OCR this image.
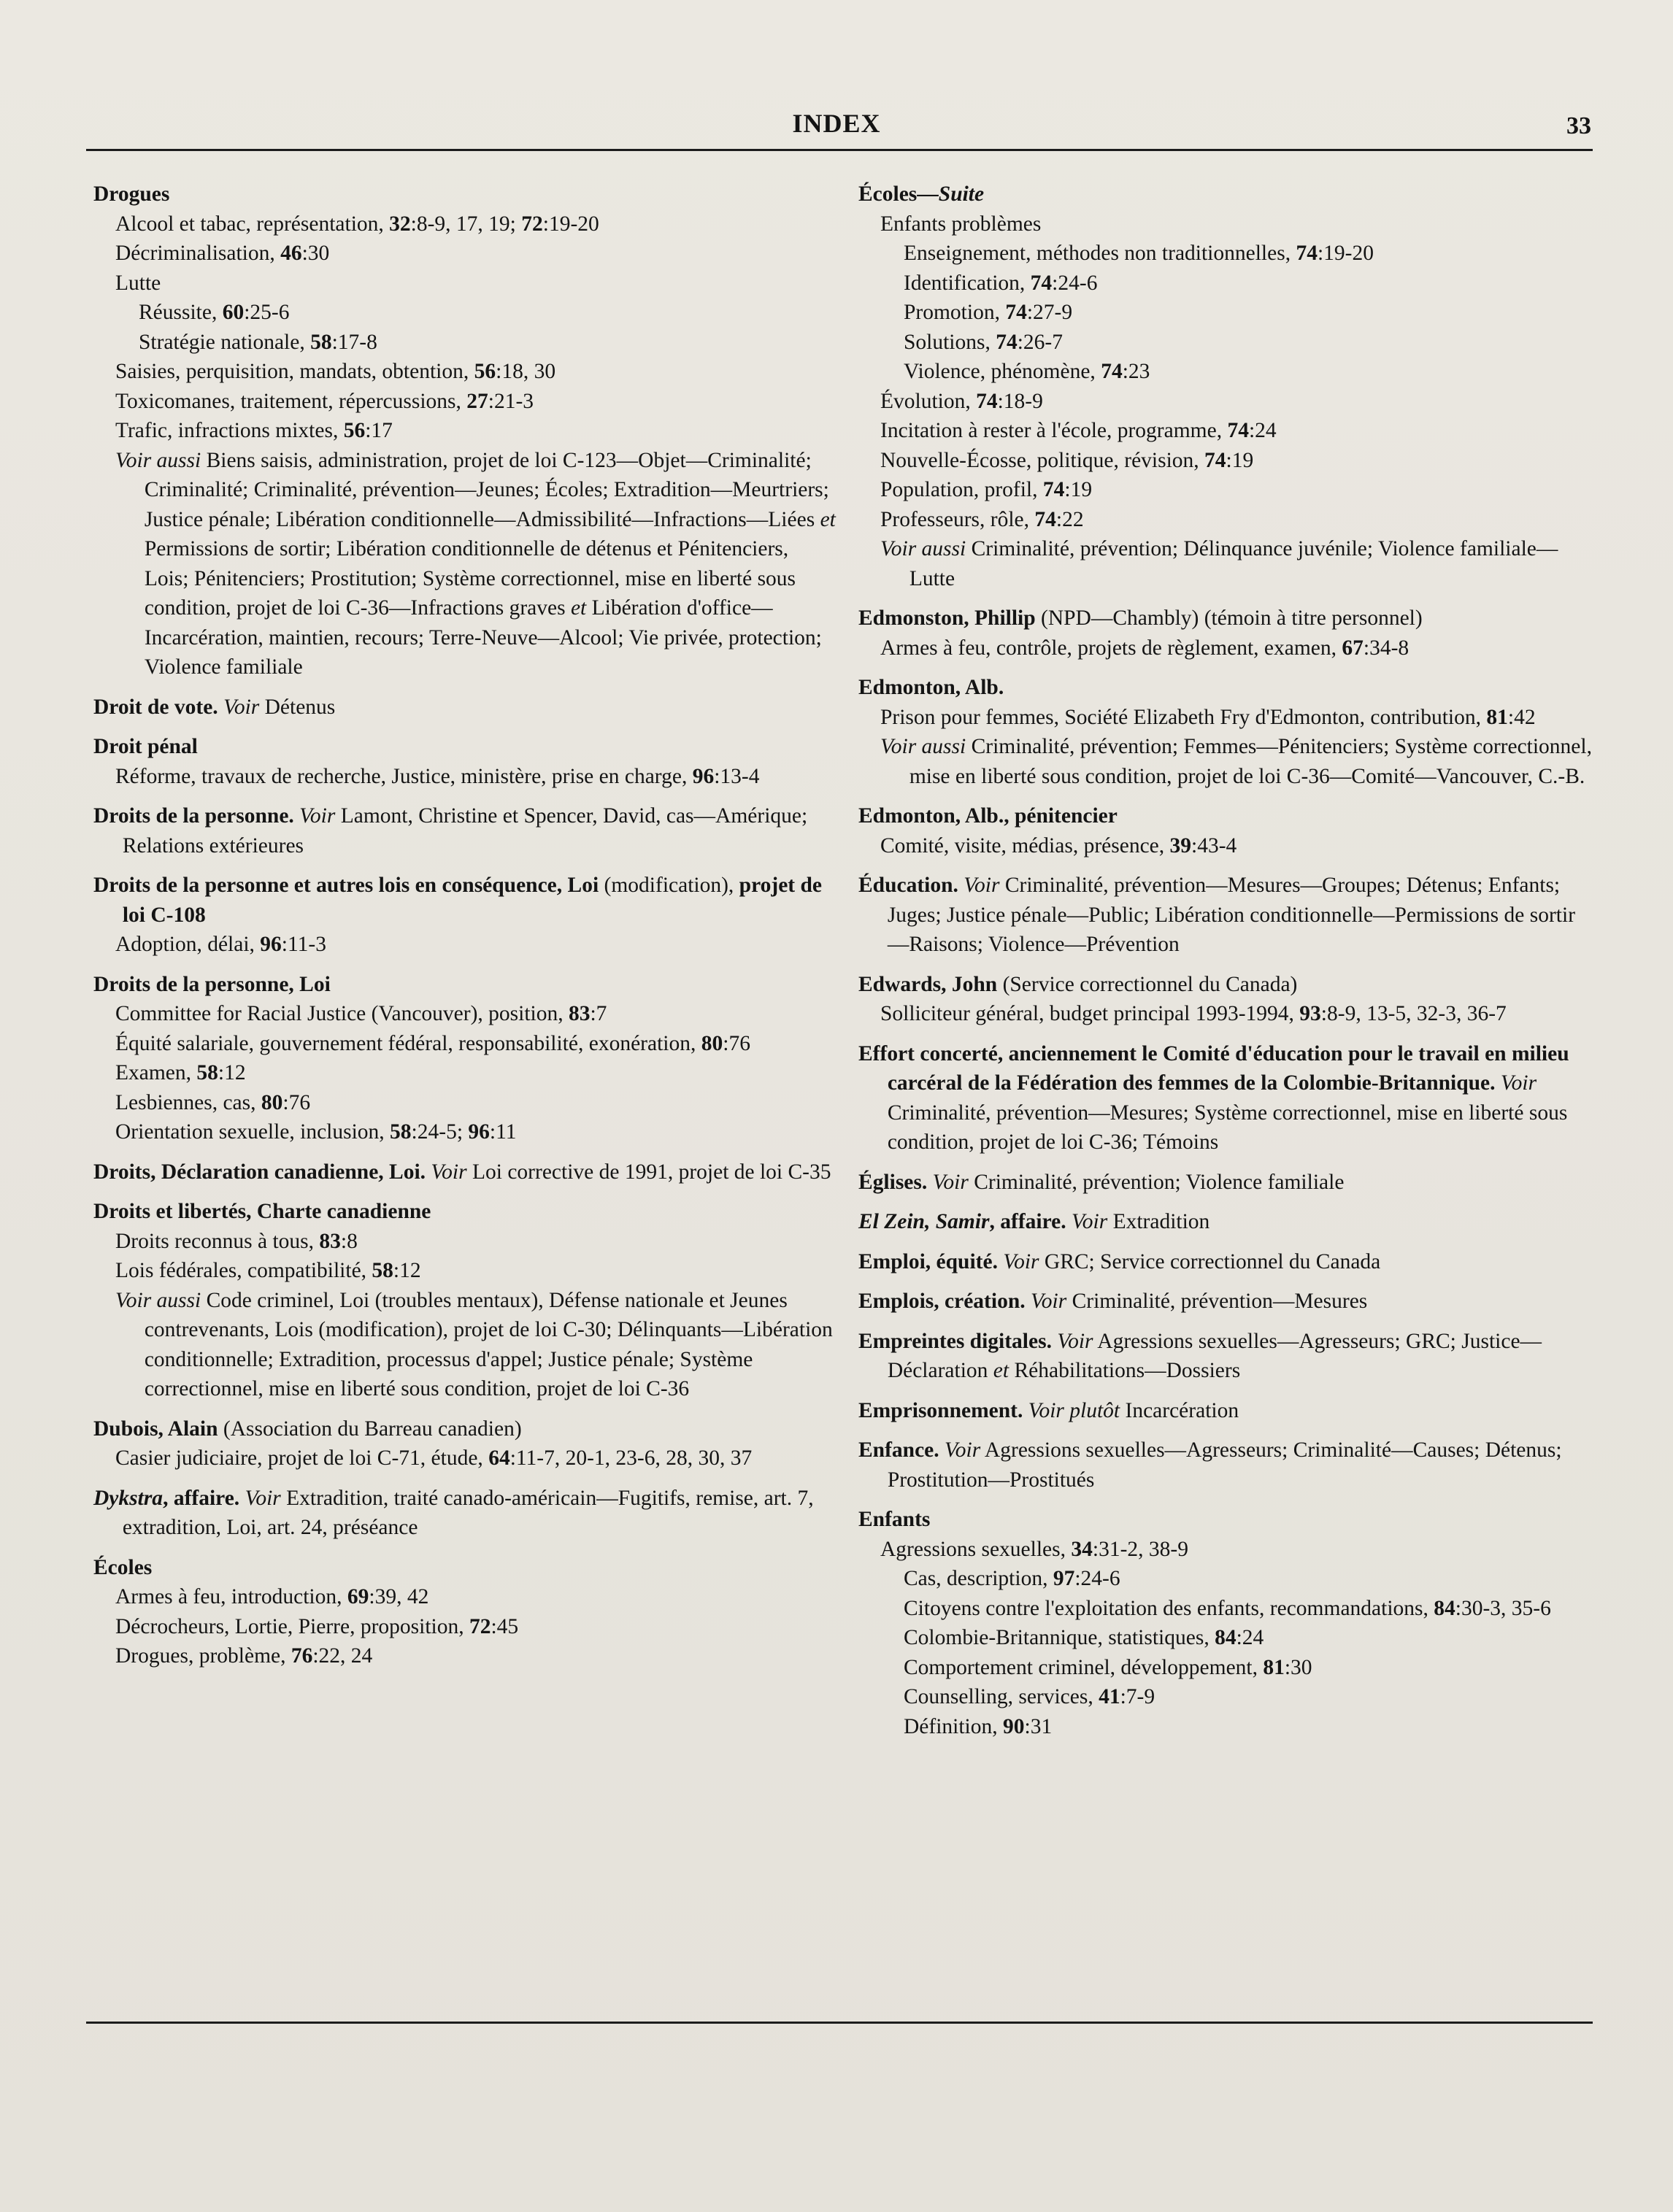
INDEX	33
Drogues
Alcool et tabac, représentation, 32:8-9, 17, 19; 72:19-20
Décriminalisation, 46:30
Lutte
Réussite, 60:25-6
Stratégie nationale, 58:17-8
Saisies, perquisition, mandats, obtention, 56:18, 30
Toxicomanes, traitement, répercussions, 27:21-3
Trafic, infractions mixtes, 56:17
Voir aussi Biens saisis, administration, projet de loi C-123—Objet—Criminalité; Criminalité; Criminalité, prévention—Jeunes; Écoles; Extradition—Meurtriers; Justice pénale; Libération conditionnelle—Admissibilité—Infractions—Liées et Permissions de sortir; Libération conditionnelle de détenus et Pénitenciers, Lois; Pénitenciers; Prostitution; Système correctionnel, mise en liberté sous condition, projet de loi C-36—Infractions graves et Libération d'office—Incarcération, maintien, recours; Terre-Neuve—Alcool; Vie privée, protection; Violence familiale
Droit de vote. Voir Détenus
Droit pénal
Réforme, travaux de recherche, Justice, ministère, prise en charge, 96:13-4
Droits de la personne. Voir Lamont, Christine et Spencer, David, cas—Amérique; Relations extérieures
Droits de la personne et autres lois en conséquence, Loi (modification), projet de loi C-108
Adoption, délai, 96:11-3
Droits de la personne, Loi
Committee for Racial Justice (Vancouver), position, 83:7
Équité salariale, gouvernement fédéral, responsabilité, exonération, 80:76
Examen, 58:12
Lesbiennes, cas, 80:76
Orientation sexuelle, inclusion, 58:24-5; 96:11
Droits, Déclaration canadienne, Loi. Voir Loi corrective de 1991, projet de loi C-35
Droits et libertés, Charte canadienne
Droits reconnus à tous, 83:8
Lois fédérales, compatibilité, 58:12
Voir aussi Code criminel, Loi (troubles mentaux), Défense nationale et Jeunes contrevenants, Lois (modification), projet de loi C-30; Délinquants—Libération conditionnelle; Extradition, processus d'appel; Justice pénale; Système correctionnel, mise en liberté sous condition, projet de loi C-36
Dubois, Alain (Association du Barreau canadien)
Casier judiciaire, projet de loi C-71, étude, 64:11-7, 20-1, 23-6, 28, 30, 37
Dykstra, affaire. Voir Extradition, traité canado-américain—Fugitifs, remise, art. 7, extradition, Loi, art. 24, préséance
Écoles
Armes à feu, introduction, 69:39, 42
Décrocheurs, Lortie, Pierre, proposition, 72:45
Drogues, problème, 76:22, 24
Écoles—Suite
Enfants problèmes
Enseignement, méthodes non traditionnelles, 74:19-20
Identification, 74:24-6
Promotion, 74:27-9
Solutions, 74:26-7
Violence, phénomène, 74:23
Évolution, 74:18-9
Incitation à rester à l'école, programme, 74:24
Nouvelle-Écosse, politique, révision, 74:19
Population, profil, 74:19
Professeurs, rôle, 74:22
Voir aussi Criminalité, prévention; Délinquance juvénile; Violence familiale—Lutte
Edmonston, Phillip (NPD—Chambly) (témoin à titre personnel)
Armes à feu, contrôle, projets de règlement, examen, 67:34-8
Edmonton, Alb.
Prison pour femmes, Société Elizabeth Fry d'Edmonton, contribution, 81:42
Voir aussi Criminalité, prévention; Femmes—Pénitenciers; Système correctionnel, mise en liberté sous condition, projet de loi C-36—Comité—Vancouver, C.-B.
Edmonton, Alb., pénitencier
Comité, visite, médias, présence, 39:43-4
Éducation. Voir Criminalité, prévention—Mesures—Groupes; Détenus; Enfants; Juges; Justice pénale—Public; Libération conditionnelle—Permissions de sortir—Raisons; Violence—Prévention
Edwards, John (Service correctionnel du Canada)
Solliciteur général, budget principal 1993-1994, 93:8-9, 13-5, 32-3, 36-7
Effort concerté, anciennement le Comité d'éducation pour le travail en milieu carcéral de la Fédération des femmes de la Colombie-Britannique. Voir Criminalité, prévention—Mesures; Système correctionnel, mise en liberté sous condition, projet de loi C-36; Témoins
Églises. Voir Criminalité, prévention; Violence familiale
El Zein, Samir, affaire. Voir Extradition
Emploi, équité. Voir GRC; Service correctionnel du Canada
Emplois, création. Voir Criminalité, prévention—Mesures
Empreintes digitales. Voir Agressions sexuelles—Agresseurs; GRC; Justice—Déclaration et Réhabilitations—Dossiers
Emprisonnement. Voir plutôt Incarcération
Enfance. Voir Agressions sexuelles—Agresseurs; Criminalité—Causes; Détenus; Prostitution—Prostitués
Enfants
Agressions sexuelles, 34:31-2, 38-9
Cas, description, 97:24-6
Citoyens contre l'exploitation des enfants, recommandations, 84:30-3, 35-6
Colombie-Britannique, statistiques, 84:24
Comportement criminel, développement, 81:30
Counselling, services, 41:7-9
Définition, 90:31
